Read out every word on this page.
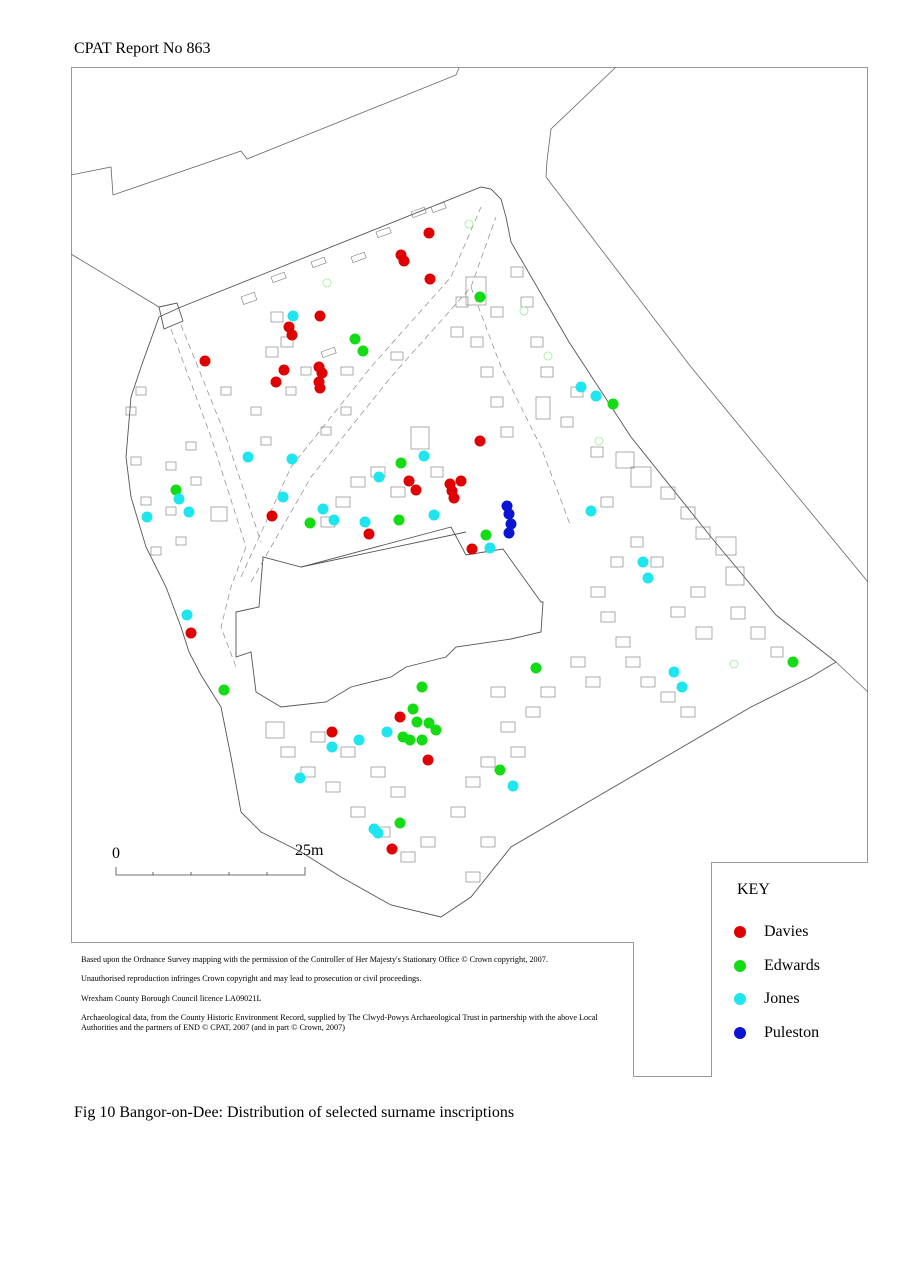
CPAT Report No 863
0	25m
KEY
Davies
Edwards
Jones
Puleston

Based upon the Ordnance Survey mapping with the permission of the Controller of Her Majesty's Stationary Office © Crown copyright, 2007.

Unauthorised reproduction infringes Crown copyright and may lead to prosecution or civil proceedings.

Wrexham County Borough Council licence LA09021L

Archaeological data, from the County Historic Environment Record, supplied by The Clwyd-Powys Archaeological Trust in partnership with the above Local Authorities and the partners of END © CPAT, 2007 (and in part © Crown, 2007)

Fig 10 Bangor-on-Dee: Distribution of selected surname inscriptions
